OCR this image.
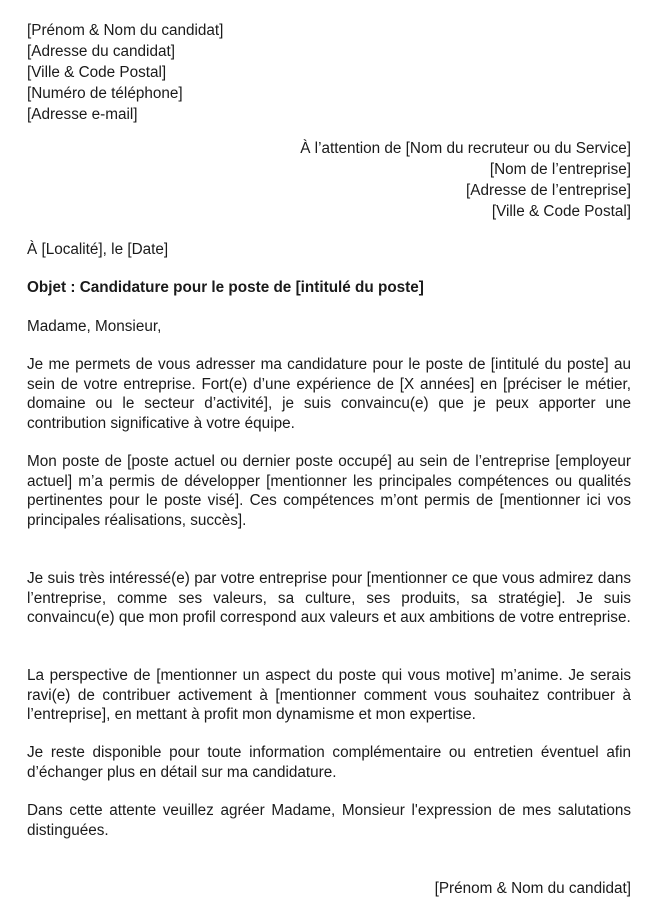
[Prénom & Nom du candidat]

[Adresse du candidat]

[Ville & Code Postal]

[Numéro de téléphone]

[Adresse e-mail]

À l’attention de [Nom du recruteur ou du Service]

[Nom de l’entreprise]

[Adresse de l’entreprise]

[Ville & Code Postal]

À [Localité], le [Date]

Objet : Candidature pour le poste de [intitulé du poste]

Madame, Monsieur,

Je me permets de vous adresser ma candidature pour le poste de [intitulé du poste] au sein de votre entreprise. Fort(e) d’une expérience de [X années] en [préciser le métier, domaine ou le secteur d’activité], je suis convaincu(e) que je peux apporter une contribution significative à votre équipe.

Mon poste de [poste actuel ou dernier poste occupé] au sein de l’entreprise [employeur actuel] m’a permis de développer [mentionner les principales compétences ou qualités pertinentes pour le poste visé]. Ces compétences m’ont permis de [mentionner ici vos principales réalisations, succès].

Je suis très intéressé(e) par votre entreprise pour [mentionner ce que vous admirez dans l’entreprise, comme ses valeurs, sa culture, ses produits, sa stratégie]. Je suis convaincu(e) que mon profil correspond aux valeurs et aux ambitions de votre entreprise.

La perspective de [mentionner un aspect du poste qui vous motive] m’anime. Je serais ravi(e) de contribuer activement à [mentionner comment vous souhaitez contribuer à l’entreprise], en mettant à profit mon dynamisme et mon expertise.

Je reste disponible pour toute information complémentaire ou entretien éventuel afin d’échanger plus en détail sur ma candidature.

Dans cette attente veuillez agréer Madame, Monsieur l'expression de mes salutations distinguées.

[Prénom & Nom du candidat]
